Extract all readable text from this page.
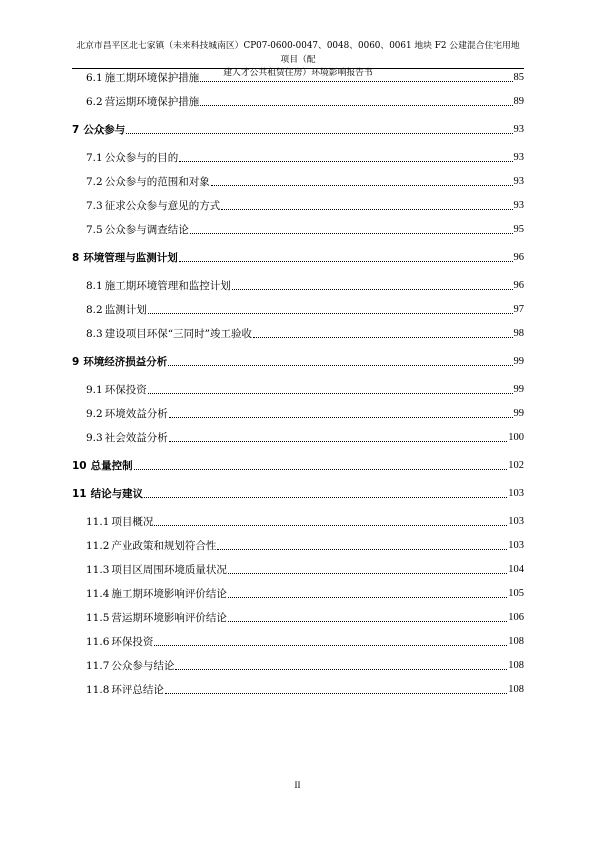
北京市昌平区北七家镇（未来科技城南区）CP07-0600-0047、0048、0060、0061 地块 F2 公建混合住宅用地项目（配
建人才公共租赁住房）环境影响报告书
6.1 施工期环境保护措施	85
6.2 营运期环境保护措施	89
7 公众参与	93
7.1 公众参与的目的	93
7.2 公众参与的范围和对象	93
7.3 征求公众参与意见的方式	93
7.5 公众参与调查结论	95
8 环境管理与监测计划	96
8.1 施工期环境管理和监控计划	96
8.2 监测计划	97
8.3 建设项目环保“三同时”竣工验收	98
9 环境经济损益分析	99
9.1 环保投资	99
9.2 环境效益分析	99
9.3 社会效益分析	100
10 总量控制	102
11 结论与建议	103
11.1 项目概况	103
11.2 产业政策和规划符合性	103
11.3 项目区周围环境质量状况	104
11.4 施工期环境影响评价结论	105
11.5 营运期环境影响评价结论	106
11.6 环保投资	108
11.7 公众参与结论	108
11.8 环评总结论	108
II
